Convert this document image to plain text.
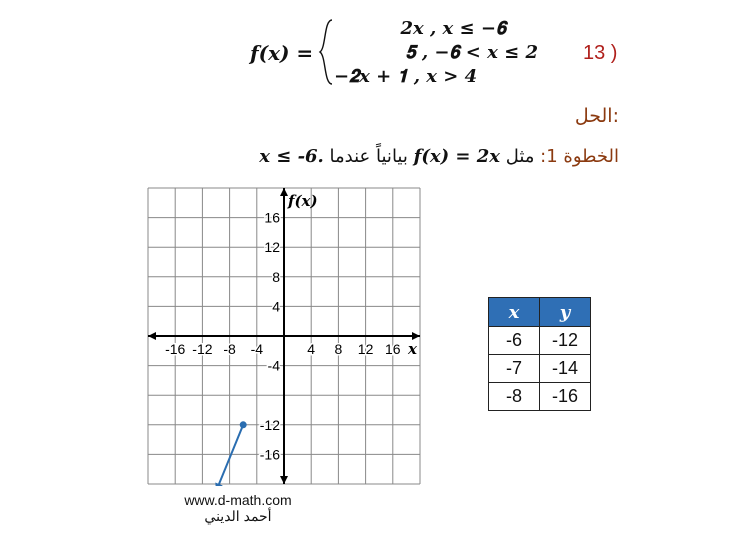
13 )
𝒇(𝒙) =
2𝒙 , 𝒙 ≤ −𝟔
𝟓 , −𝟔 < 𝒙 ≤ 2
−𝟐𝒙 + 𝟏 , 𝒙 > 4
الحل:
الخطوة 1: مثل 𝒇(𝒙) = 2𝒙 بيانياً عندما 𝒙 ≤ -6.
-16 -12 -8 -4	4 8 12 16
16
12
8
4
-4
-12
-16
𝒇(𝒙)
𝒙
𝒙	𝒚
-6	-12
-7	-14
-8	-16
www.d-math.com
أحمد الديني
